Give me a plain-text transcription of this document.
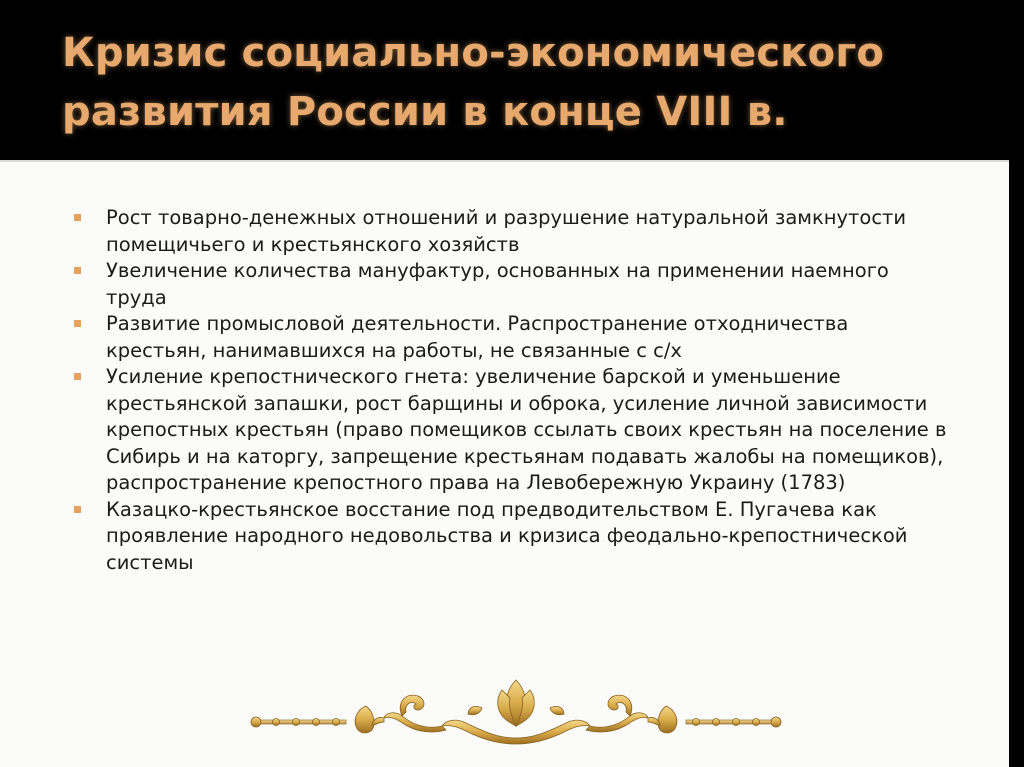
Кризис социально-экономического развития России в конце VIII в.
Рост товарно-денежных отношений и разрушение натуральной замкнутости помещичьего и крестьянского хозяйств
Увеличение количества мануфактур, основанных на применении наемного труда
Развитие промысловой деятельности. Распространение отходничества крестьян, нанимавшихся на работы, не связанные с с/х
Усиление крепостнического гнета: увеличение барской и уменьшение крестьянской запашки, рост барщины и оброка, усиление личной зависимости крепостных крестьян (право помещиков ссылать своих крестьян на поселение в Сибирь и на каторгу, запрещение крестьянам подавать жалобы на помещиков), распространение крепостного права на Левобережную Украину (1783)
Казацко-крестьянское восстание под предводительством Е. Пугачева как проявление народного недовольства и кризиса феодально-крепостнической системы
